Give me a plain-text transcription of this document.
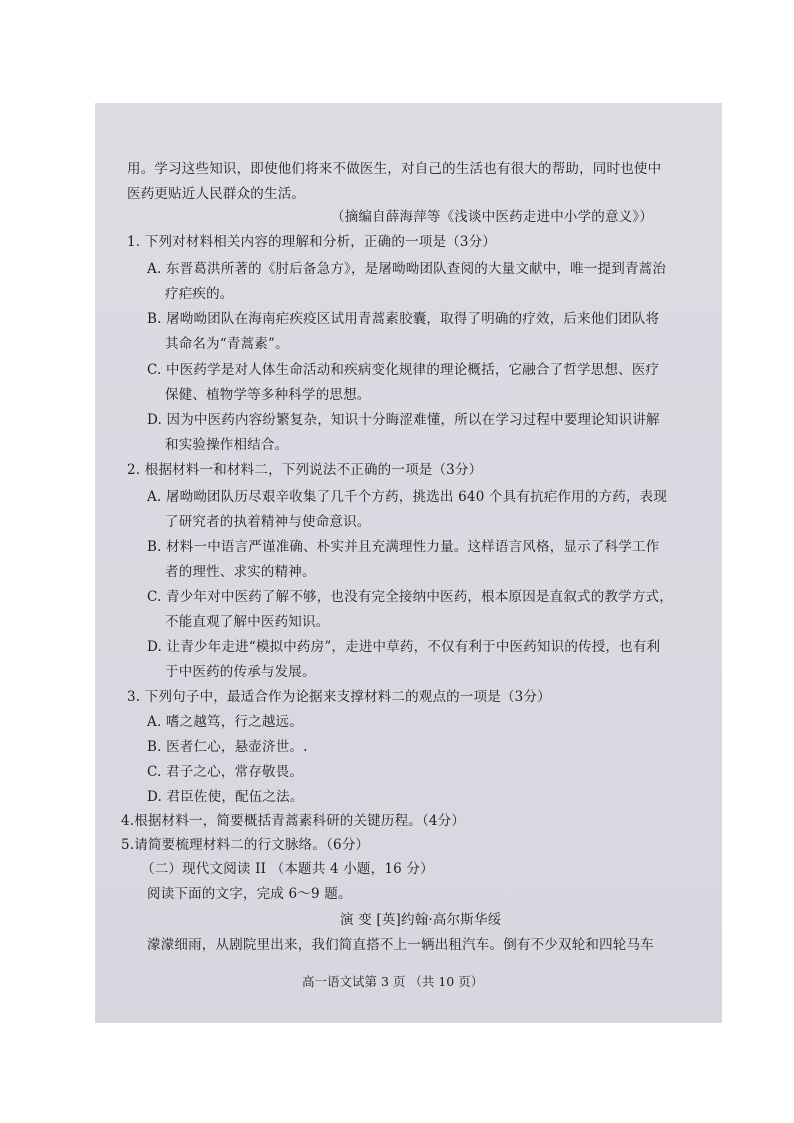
用。学习这些知识，即使他们将来不做医生，对自己的生活也有很大的帮助，同时也使中
医药更贴近人民群众的生活。
（摘编自薛海萍等《浅谈中医药走进中小学的意义》）
1. 下列对材料相关内容的理解和分析，正确的一项是（3分）
A. 东晋葛洪所著的《肘后备急方》，是屠呦呦团队查阅的大量文献中，唯一提到青蒿治
疗疟疾的。
B. 屠呦呦团队在海南疟疾疫区试用青蒿素胶囊，取得了明确的疗效，后来他们团队将
其命名为“青蒿素”。
C. 中医药学是对人体生命活动和疾病变化规律的理论概括，它融合了哲学思想、医疗
保健、植物学等多种科学的思想。
D. 因为中医药内容纷繁复杂，知识十分晦涩难懂，所以在学习过程中要理论知识讲解
和实验操作相结合。
2. 根据材料一和材料二，下列说法不正确的一项是（3分）
A. 屠呦呦团队历尽艰辛收集了几千个方药，挑选出 640 个具有抗疟作用的方药，表现
了研究者的执着精神与使命意识。
B. 材料一中语言严谨准确、朴实并且充满理性力量。这样语言风格，显示了科学工作
者的理性、求实的精神。
C. 青少年对中医药了解不够，也没有完全接纳中医药，根本原因是直叙式的教学方式，
不能直观了解中医药知识。
D. 让青少年走进“模拟中药房”，走进中草药，不仅有利于中医药知识的传授，也有利
于中医药的传承与发展。
3. 下列句子中，最适合作为论据来支撑材料二的观点的一项是（3分）
A. 嗜之越笃，行之越远。
B. 医者仁心，悬壶济世。.
C. 君子之心，常存敬畏。
D. 君臣佐使，配伍之法。
4.根据材料一，简要概括青蒿素科研的关键历程。（4分）
5.请简要梳理材料二的行文脉络。（6分）
（二）现代文阅读 II （本题共 4 小题，16 分）
阅读下面的文字，完成 6～9 题。
演 变 [英]约翰·高尔斯华绥
濛濛细雨，从剧院里出来，我们简直搭不上一辆出租汽车。倒有不少双轮和四轮马车
高一语文试第 3 页 （共 10 页）
